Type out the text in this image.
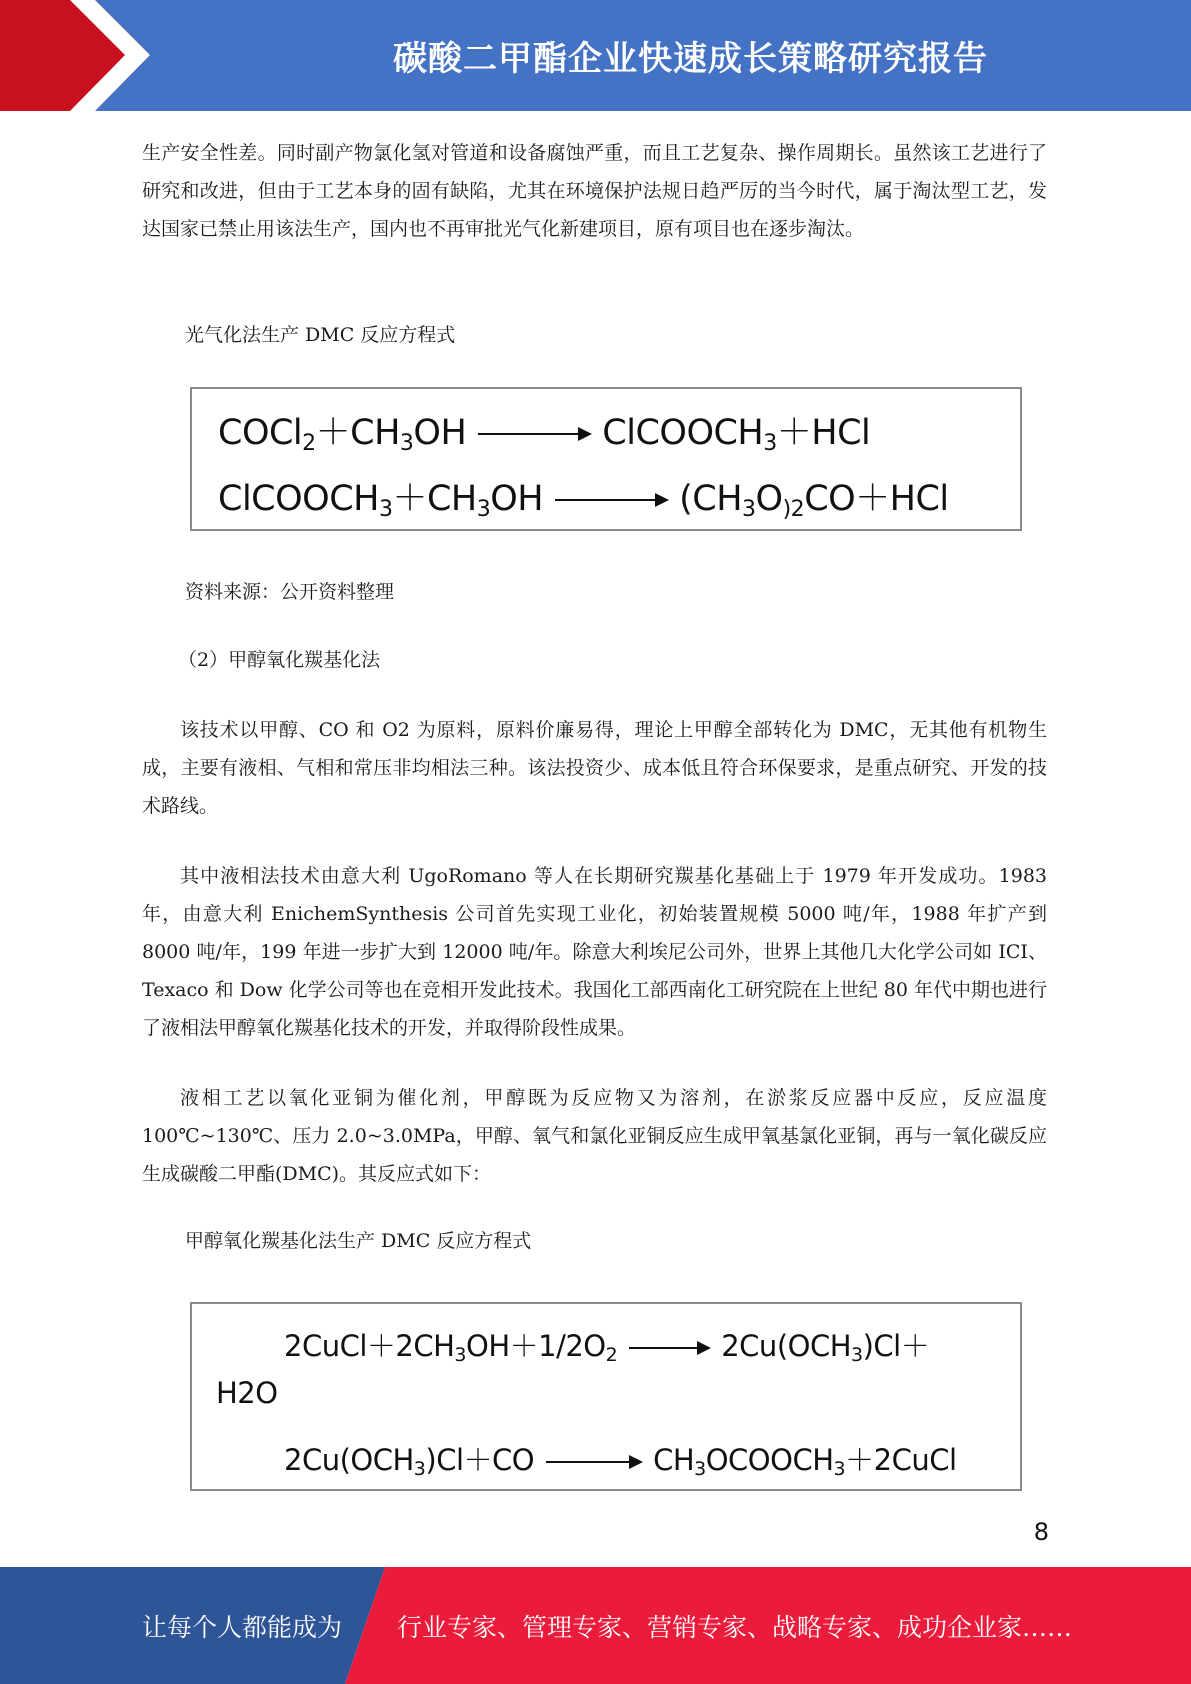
碳酸二甲酯企业快速成长策略研究报告

生产安全性差。同时副产物氯化氢对管道和设备腐蚀严重，而且工艺复杂、操作周期长。虽然该工艺进行了研究和改进，但由于工艺本身的固有缺陷，尤其在环境保护法规日趋严厉的当今时代，属于淘汰型工艺，发达国家已禁止用该法生产，国内也不再审批光气化新建项目，原有项目也在逐步淘汰。

光气化法生产 DMC 反应方程式

$COCl_2+CH_3OH$ → ClCOOCH$_3$＋HCl
$ClCOOCH_3+CH_3OH \to (CH_3O_{)2}CO+HCl$

资料来源：公开资料整理

（2）甲醇氧化羰基化法

该技术以甲醇、CO 和 O2 为原料，原料价廉易得，理论上甲醇全部转化为 DMC，无其他有机物生成，主要有液相、气相和常压非均相法三种。该法投资少、成本低且符合环保要求，是重点研究、开发的技术路线。

其中液相法技术由意大利 UgoRomano 等人在长期研究羰基化基础上于 1979 年开发成功。1983 年，由意大利 EnichemSynthesis 公司首先实现工业化，初始装置规模 5000 吨/年，1988 年扩产到 8000 吨/年，199 年进一步扩大到 12000 吨/年。除意大利埃尼公司外，世界上其他几大化学公司如 ICI、Texaco 和 Dow 化学公司等也在竞相开发此技术。我国化工部西南化工研究院在上世纪 80 年代中期也进行了液相法甲醇氧化羰基化技术的开发，并取得阶段性成果。

液相工艺以氧化亚铜为催化剂，甲醇既为反应物又为溶剂，在淤浆反应器中反应，反应温度 100℃~130℃、压力 2.0~3.0MPa，甲醇、氧气和氯化亚铜反应生成甲氧基氯化亚铜，再与一氧化碳反应生成碳酸二甲酯(DMC)。其反应式如下：

甲醇氧化羰基化法生产 DMC 反应方程式

$2CuCl+2CH_3OH+1/2O_2 \to 2Cu(OCH_3)Cl+$
H2O
$2Cu(OCH_3)Cl+CO$ → $CH_3OCOOCH_3+2CuCl$
8
让每个人都能成为 行业专家、管理专家、营销专家、战略专家、成功企业家……
